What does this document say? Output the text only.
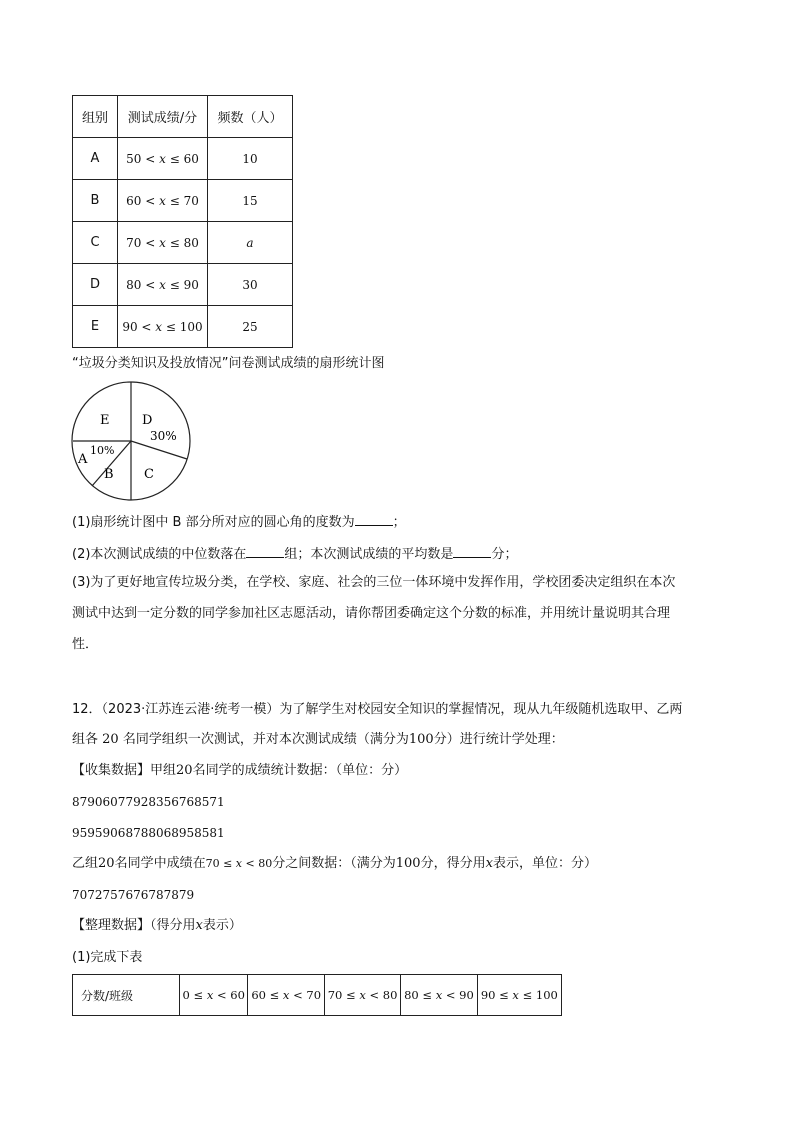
组别	测试成绩/分	频数（人）
A	50 < x ≤ 60	10
B	60 < x ≤ 70	15
C	70 < x ≤ 80	a
D	80 < x ≤ 90	30
E	90 < x ≤ 100	25
“垃圾分类知识及投放情况”问卷测试成绩的扇形统计图
E	D
30%
10%
A
B C
(1)扇形统计图中 B 部分所对应的圆心角的度数为	；
(2)本次测试成绩的中位数落在	组；本次测试成绩的平均数是	分；
(3)为了更好地宣传垃圾分类，在学校、家庭、社会的三位一体环境中发挥作用，学校团委决定组织在本次
测试中达到一定分数的同学参加社区志愿活动，请你帮团委确定这个分数的标准，并用统计量说明其合理
性．
12．（2023·江苏连云港·统考一模）为了解学生对校园安全知识的掌握情况，现从九年级随机选取甲、乙两
组各 20 名同学组织一次测试，并对本次测试成绩（满分为100分）进行统计学处理：
【收集数据】甲组20名同学的成绩统计数据：（单位：分）
87906077928356768571
95959068788068958581
乙组20名同学中成绩在70 ≤ x < 80分之间数据：（满分为100分，得分用x表示，单位：分）
7072757676787879
【整理数据】（得分用x表示）
(1)完成下表
分数/班级	0 ≤ x < 60	60 ≤ x < 70	70 ≤ x < 80	80 ≤ x < 90	90 ≤ x ≤ 100
